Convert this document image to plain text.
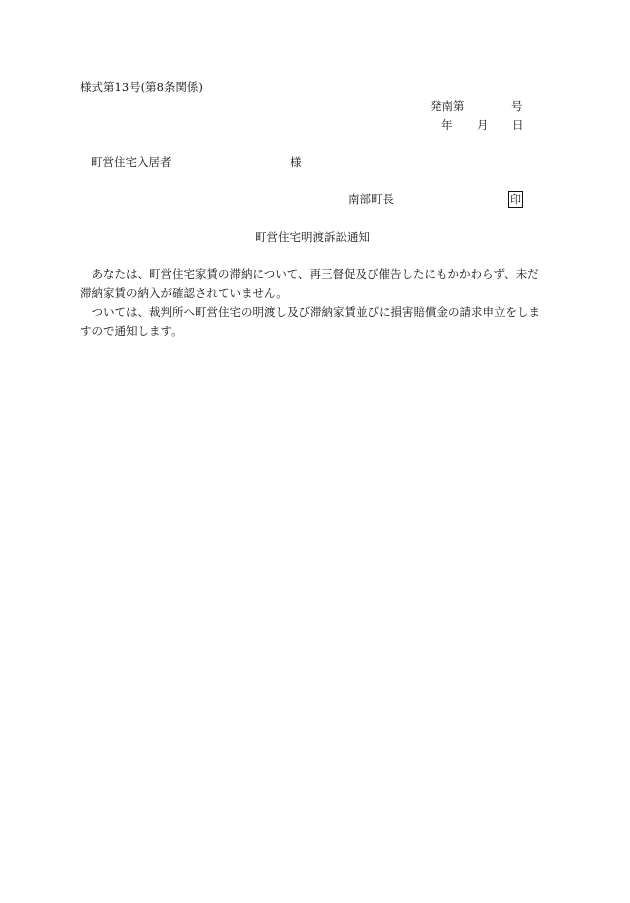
様式第13号(第8条関係)
発南第	号
年 月 日
町営住宅入居者	様
南部町長	印
町営住宅明渡訴訟通知
あなたは、町営住宅家賃の滞納について、再三督促及び催告したにもかかわらず、未だ
滞納家賃の納入が確認されていません。
ついては、裁判所へ町営住宅の明渡し及び滞納家賃並びに損害賠償金の請求申立をしま
すので通知します。
